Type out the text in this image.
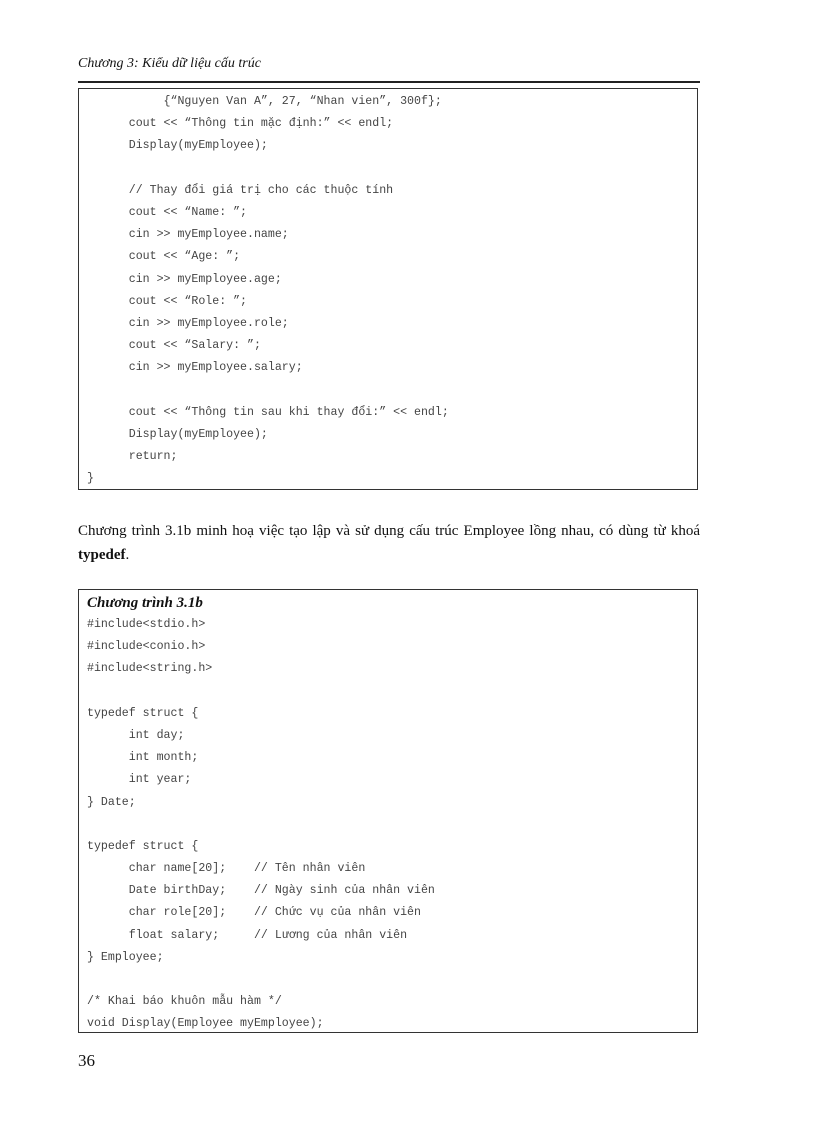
Chương 3: Kiểu dữ liệu cấu trúc
{“Nguyen Van A”, 27, “Nhan vien”, 300f};
cout << “Thông tin mặc định:” << endl;
Display(myEmployee);
// Thay đổi giá trị cho các thuộc tính
cout << “Name: ”;
cin >> myEmployee.name;
cout << “Age: ”;
cin >> myEmployee.age;
cout << “Role: ”;
cin >> myEmployee.role;
cout << “Salary: ”;
cin >> myEmployee.salary;
cout << “Thông tin sau khi thay đổi:” << endl;
Display(myEmployee);
return;
}
Chương trình 3.1b minh hoạ việc tạo lập và sử dụng cấu trúc Employee lồng nhau, có dùng từ khoá typedef.
Chương trình 3.1b
#include<stdio.h>
#include<conio.h>
#include<string.h>
typedef struct {
int day;
int month;
int year;
} Date;
typedef struct {
char name[20];    // Tên nhân viên
Date birthDay;    // Ngày sinh của nhân viên
char role[20];    // Chức vụ của nhân viên
float salary;     // Lương của nhân viên
} Employee;
/* Khai báo khuôn mẫu hàm */
void Display(Employee myEmployee);
36
